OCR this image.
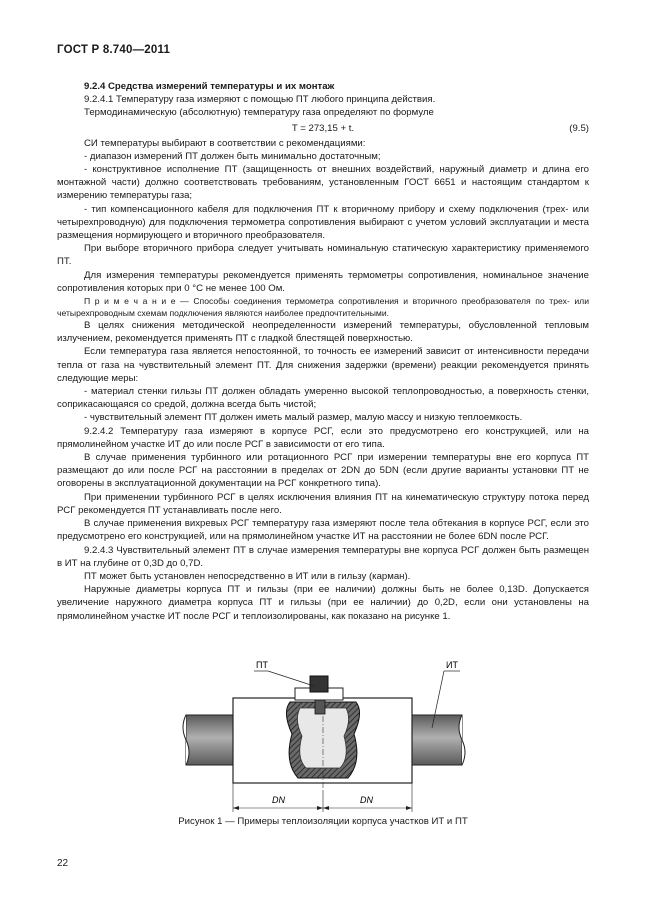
ГОСТ Р 8.740—2011

9.2.4 Средства измерений температуры и их монтаж

9.2.4.1 Температуру газа измеряют с помощью ПТ любого принципа действия.

Термодинамическую (абсолютную) температуру газа определяют по формуле

T = 273,15 + t.	(9.5)

СИ температуры выбирают в соответствии с рекомендациями:

- диапазон измерений ПТ должен быть минимально достаточным;

- конструктивное исполнение ПТ (защищенность от внешних воздействий, наружный диаметр и длина его монтажной части) должно соответствовать требованиям, установленным ГОСТ 6651 и настоящим стандартом к измерению температуры газа;

- тип компенсационного кабеля для подключения ПТ к вторичному прибору и схему подключения (трех- или четырехпроводную) для подключения термометра сопротивления выбирают с учетом условий эксплуатации и места размещения нормирующего и вторичного преобразователя.

При выборе вторичного прибора следует учитывать номинальную статическую характеристику применяемого ПТ.

Для измерения температуры рекомендуется применять термометры сопротивления, номинальное значение сопротивления которых при 0 °С не менее 100 Ом.

П р и м е ч а н и е — Способы соединения термометра сопротивления и вторичного преобразователя по трех- или четырехпроводным схемам подключения являются наиболее предпочтительными.

В целях снижения методической неопределенности измерений температуры, обусловленной тепловым излучением, рекомендуется применять ПТ с гладкой блестящей поверхностью.

Если температура газа является непостоянной, то точность ее измерений зависит от интенсивности передачи тепла от газа на чувствительный элемент ПТ. Для снижения задержки (времени) реакции рекомендуется принять следующие меры:

- материал стенки гильзы ПТ должен обладать умеренно высокой теплопроводностью, а поверхность стенки, соприкасающаяся со средой, должна всегда быть чистой;

- чувствительный элемент ПТ должен иметь малый размер, малую массу и низкую теплоемкость.

9.2.4.2 Температуру газа измеряют в корпусе РСГ, если это предусмотрено его конструкцией, или на прямолинейном участке ИТ до или после РСГ в зависимости от его типа.

В случае применения турбинного или ротационного РСГ при измерении температуры вне его корпуса ПТ размещают до или после РСГ на расстоянии в пределах от 2DN до 5DN (если другие варианты установки ПТ не оговорены в эксплуатационной документации на РСГ конкретного типа).

При применении турбинного РСГ в целях исключения влияния ПТ на кинематическую структуру потока перед РСГ рекомендуется ПТ устанавливать после него.

В случае применения вихревых РСГ температуру газа измеряют после тела обтекания в корпусе РСГ, если это предусмотрено его конструкцией, или на прямолинейном участке ИТ на расстоянии не более 6DN после РСГ.

9.2.4.3 Чувствительный элемент ПТ в случае измерения температуры вне корпуса РСГ должен быть размещен в ИТ на глубине от 0,3D до 0,7D.

ПТ может быть установлен непосредственно в ИТ или в гильзу (карман).

Наружные диаметры корпуса ПТ и гильзы (при ее наличии) должны быть не более 0,13D. Допускается увеличение наружного диаметра корпуса ПТ и гильзы (при ее наличии) до 0,2D, если они установлены на прямолинейном участке ИТ после РСГ и теплоизолированы, как показано на рисунке 1.

ПТ	ИТ
DN	DN
Рисунок 1 — Примеры теплоизоляции корпуса участков ИТ и ПТ
22
